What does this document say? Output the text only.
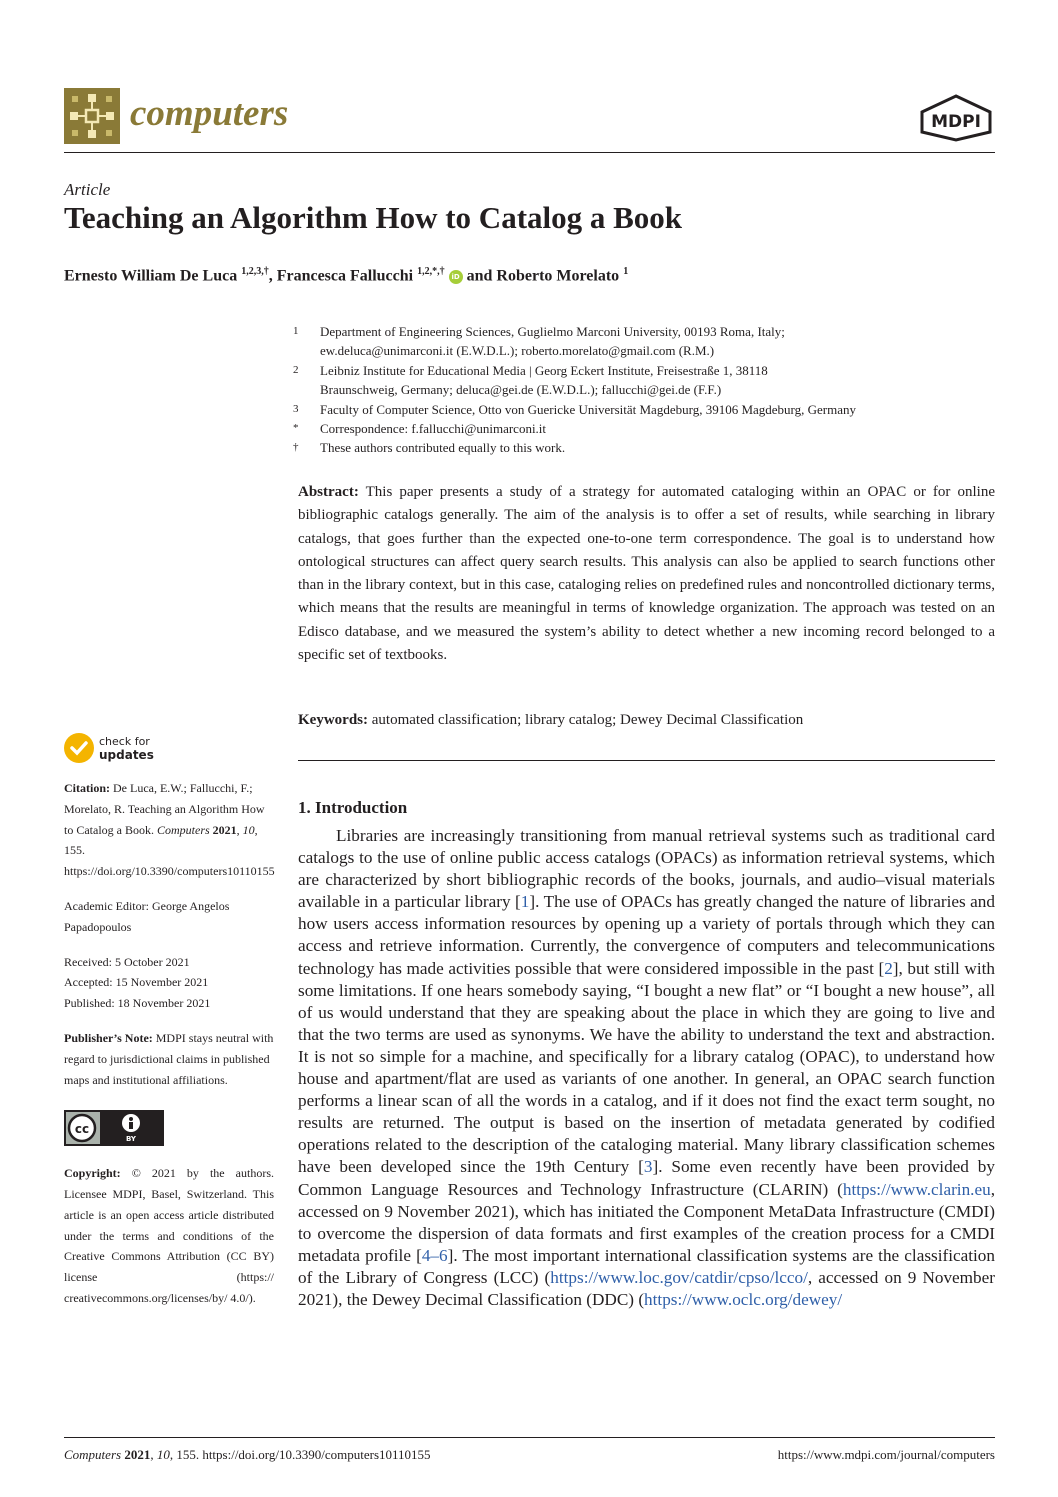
computers	MDPI
Article
Teaching an Algorithm How to Catalog a Book
Ernesto William De Luca $^{1,2,3,\dagger}$, Francesca Fallucchi $^{1,2,*,\dagger}$ iD and Roberto Morelato $^1$
1	Department of Engineering Sciences, Guglielmo Marconi University, 00193 Roma, Italy;
ew.deluca@unimarconi.it (E.W.D.L.); roberto.morelato@gmail.com (R.M.)
2	Leibniz Institute for Educational Media | Georg Eckert Institute, Freisestraße 1, 38118
Braunschweig, Germany; deluca@gei.de (E.W.D.L.); fallucchi@gei.de (F.F.)
3	Faculty of Computer Science, Otto von Guericke Universität Magdeburg, 39106 Magdeburg, Germany
*	Correspondence: f.fallucchi@unimarconi.it
†	These authors contributed equally to this work.
Abstract: This paper presents a study of a strategy for automated cataloging within an OPAC or for online bibliographic catalogs generally. The aim of the analysis is to offer a set of results, while searching in library catalogs, that goes further than the expected one-to-one term correspondence. The goal is to understand how ontological structures can affect query search results. This analysis can also be applied to search functions other than in the library context, but in this case, cataloging relies on predefined rules and noncontrolled dictionary terms, which means that the results are meaningful in terms of knowledge organization. The approach was tested on an Edisco database, and we measured the system’s ability to detect whether a new incoming record belonged to a specific set of textbooks.
Keywords: automated classification; library catalog; Dewey Decimal Classification
1. Introduction
Libraries are increasingly transitioning from manual retrieval systems such as traditional card catalogs to the use of online public access catalogs (OPACs) as information retrieval systems, which are characterized by short bibliographic records of the books, journals, and audio–visual materials available in a particular library [1]. The use of OPACs has greatly changed the nature of libraries and how users access information resources by opening up a variety of portals through which they can access and retrieve information. Currently, the convergence of computers and telecommunications technology has made activities possible that were considered impossible in the past [2], but still with some limitations. If one hears somebody saying, “I bought a new flat” or “I bought a new house”, all of us would understand that they are speaking about the place in which they are going to live and that the two terms are used as synonyms. We have the ability to understand the text and abstraction. It is not so simple for a machine, and specifically for a library catalog (OPAC), to understand how house and apartment/flat are used as variants of one another. In general, an OPAC search function performs a linear scan of all the words in a catalog, and if it does not find the exact term sought, no results are returned. The output is based on the insertion of metadata generated by codified operations related to the description of the cataloging material. Many library classification schemes have been developed since the 19th Century [3]. Some even recently have been provided by Common Language Resources and Technology Infrastructure (CLARIN) (https://www.clarin.eu, accessed on 9 November 2021), which has initiated the Component MetaData Infrastructure (CMDI) to overcome the dispersion of data formats and first examples of the creation process for a CMDI metadata profile [4–6]. The most important international classification systems are the classification of the Library of Congress (LCC) (https://www.loc.gov/catdir/cpso/lcco/, accessed on 9 November 2021), the Dewey Decimal Classification (DDC) (https://www.oclc.org/dewey/
check for
updates
Citation: De Luca, E.W.; Fallucchi, F.; Morelato, R. Teaching an Algorithm How to Catalog a Book. Computers 2021, 10, 155. https://doi.org/10.3390/computers10110155
Academic Editor: George Angelos Papadopoulos
Received: 5 October 2021
Accepted: 15 November 2021
Published: 18 November 2021
Publisher’s Note: MDPI stays neutral with regard to jurisdictional claims in published maps and institutional affiliations.
cc
BY
Copyright: © 2021 by the authors. Licensee MDPI, Basel, Switzerland. This article is an open access article distributed under the terms and conditions of the Creative Commons Attribution (CC BY) license (https:// creativecommons.org/licenses/by/ 4.0/).
Computers 2021, 10, 155. https://doi.org/10.3390/computers10110155	https://www.mdpi.com/journal/computers
